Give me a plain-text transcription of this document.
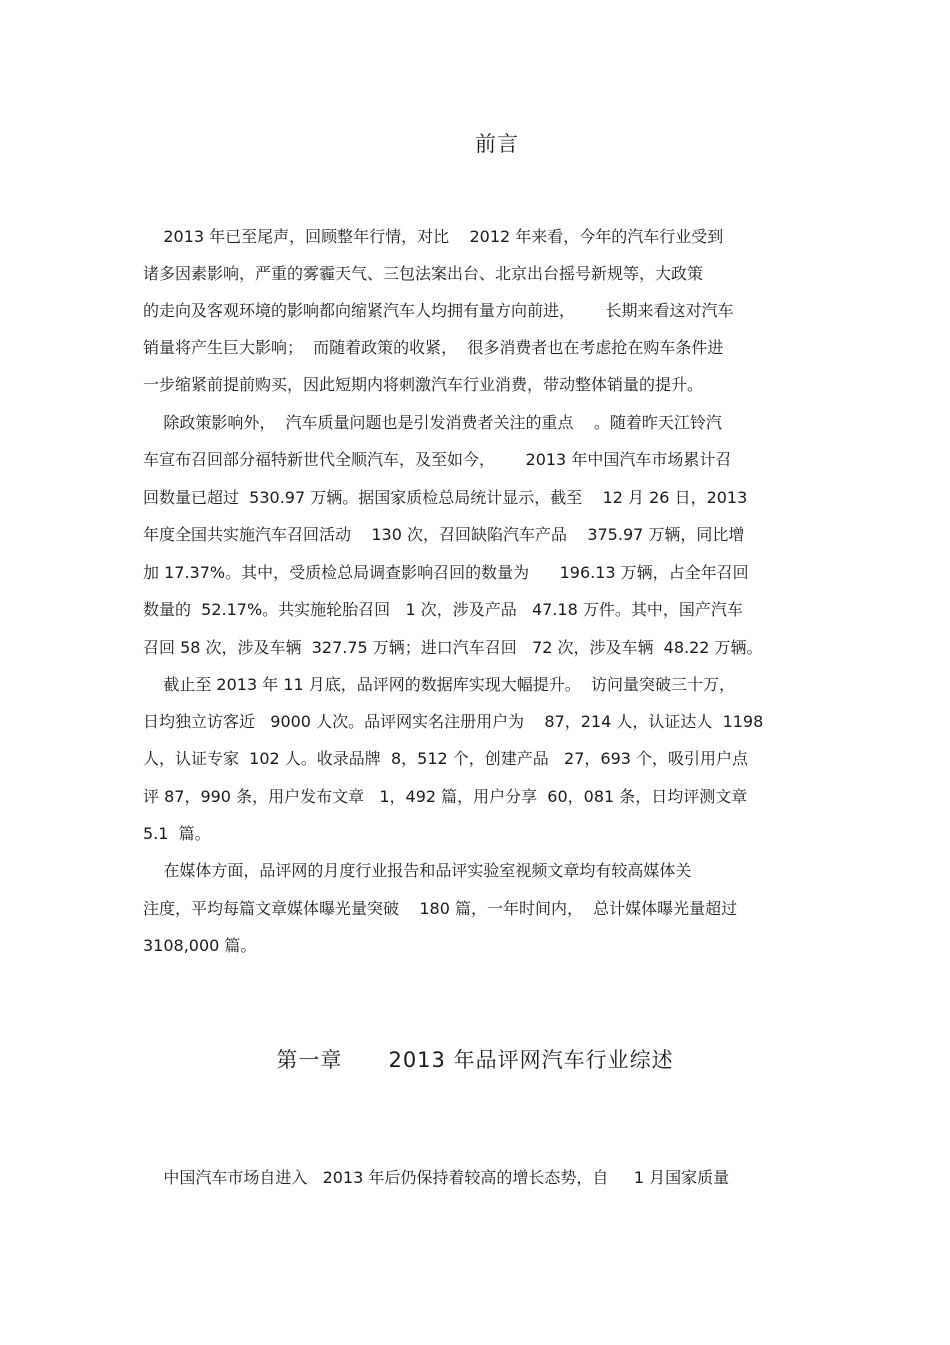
前言

2013 年已至尾声，回顾整年行情，对比    2012 年来看，今年的汽车行业受到

诸多因素影响，严重的雾霾天气、三包法案出台、北京出台摇号新规等，大政策

的走向及客观环境的影响都向缩紧汽车人均拥有量方向前进，      长期来看这对汽车

销量将产生巨大影响；  而随着政策的收紧，  很多消费者也在考虑抢在购车条件进

一步缩紧前提前购买，因此短期内将刺激汽车行业消费，带动整体销量的提升。

除政策影响外，  汽车质量问题也是引发消费者关注的重点    。随着昨天江铃汽

车宣布召回部分福特新世代全顺汽车，及至如今，      2013 年中国汽车市场累计召

回数量已超过  530.97 万辆。据国家质检总局统计显示，截至    12 月 26 日，2013

年度全国共实施汽车召回活动    130 次，召回缺陷汽车产品    375.97 万辆，同比增

加 17.37%。其中，受质检总局调查影响召回的数量为      196.13 万辆，占全年召回

数量的  52.17%。共实施轮胎召回   1 次，涉及产品   47.18 万件。其中，国产汽车

召回 58 次，涉及车辆  327.75 万辆；进口汽车召回   72 次，涉及车辆  48.22 万辆。

截止至 2013 年 11 月底，品评网的数据库实现大幅提升。  访问量突破三十万，

日均独立访客近   9000 人次。品评网实名注册用户为    87，214 人，认证达人  1198

人，认证专家  102 人。收录品牌  8，512 个，创建产品   27，693 个，吸引用户点

评 87，990 条，用户发布文章   1，492 篇，用户分享  60，081 条，日均评测文章

5.1  篇。

在媒体方面，品评网的月度行业报告和品评实验室视频文章均有较高媒体关

注度，平均每篇文章媒体曝光量突破    180 篇，一年时间内，  总计媒体曝光量超过

3108,000 篇。

第一章      2013 年品评网汽车行业综述

中国汽车市场自进入   2013 年后仍保持着较高的增长态势，自     1 月国家质量
